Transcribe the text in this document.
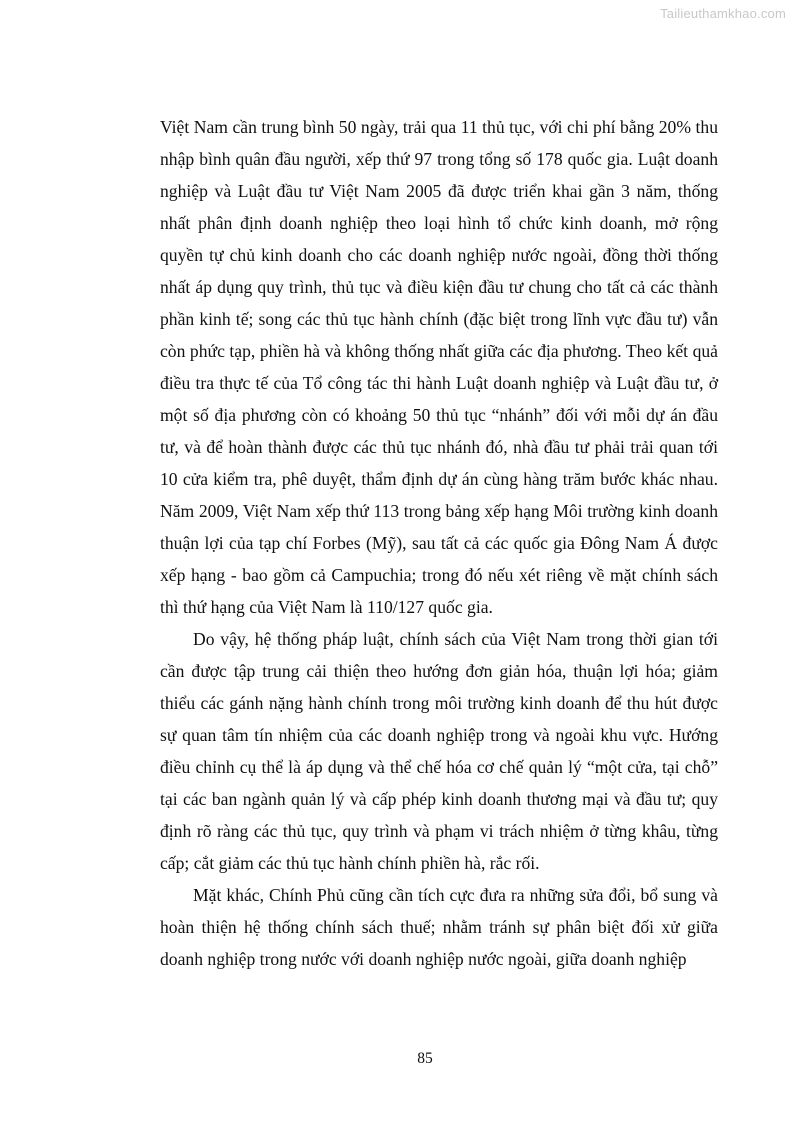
Tailieuthamkhao.com

Việt Nam cần trung bình 50 ngày, trải qua 11 thủ tục, với chi phí bằng 20% thu nhập bình quân đầu người, xếp thứ 97 trong tổng số 178 quốc gia. Luật doanh nghiệp và Luật đầu tư Việt Nam 2005 đã được triển khai gần 3 năm, thống nhất phân định doanh nghiệp theo loại hình tổ chức kinh doanh, mở rộng quyền tự chủ kinh doanh cho các doanh nghiệp nước ngoài, đồng thời thống nhất áp dụng quy trình, thủ tục và điều kiện đầu tư chung cho tất cả các thành phần kinh tế; song các thủ tục hành chính (đặc biệt trong lĩnh vực đầu tư) vẫn còn phức tạp, phiền hà và không thống nhất giữa các địa phương. Theo kết quả điều tra thực tế của Tổ công tác thi hành Luật doanh nghiệp và Luật đầu tư, ở một số địa phương còn có khoảng 50 thủ tục “nhánh” đối với mỗi dự án đầu tư, và để hoàn thành được các thủ tục nhánh đó, nhà đầu tư phải trải quan tới 10 cửa kiểm tra, phê duyệt, thẩm định dự án cùng hàng trăm bước khác nhau. Năm 2009, Việt Nam xếp thứ 113 trong bảng xếp hạng Môi trường kinh doanh thuận lợi của tạp chí Forbes (Mỹ), sau tất cả các quốc gia Đông Nam Á được xếp hạng - bao gồm cả Campuchia; trong đó nếu xét riêng về mặt chính sách thì thứ hạng của Việt Nam là 110/127 quốc gia.

Do vậy, hệ thống pháp luật, chính sách của Việt Nam trong thời gian tới cần được tập trung cải thiện theo hướng đơn giản hóa, thuận lợi hóa; giảm thiểu các gánh nặng hành chính trong môi trường kinh doanh để thu hút được sự quan tâm tín nhiệm của các doanh nghiệp trong và ngoài khu vực. Hướng điều chỉnh cụ thể là áp dụng và thể chế hóa cơ chế quản lý “một cửa, tại chỗ” tại các ban ngành quản lý và cấp phép kinh doanh thương mại và đầu tư; quy định rõ ràng các thủ tục, quy trình và phạm vi trách nhiệm ở từng khâu, từng cấp; cắt giảm các thủ tục hành chính phiền hà, rắc rối.

Mặt khác, Chính Phủ cũng cần tích cực đưa ra những sửa đổi, bổ sung và hoàn thiện hệ thống chính sách thuế; nhằm tránh sự phân biệt đối xử giữa doanh nghiệp trong nước với doanh nghiệp nước ngoài, giữa doanh nghiệp

85
